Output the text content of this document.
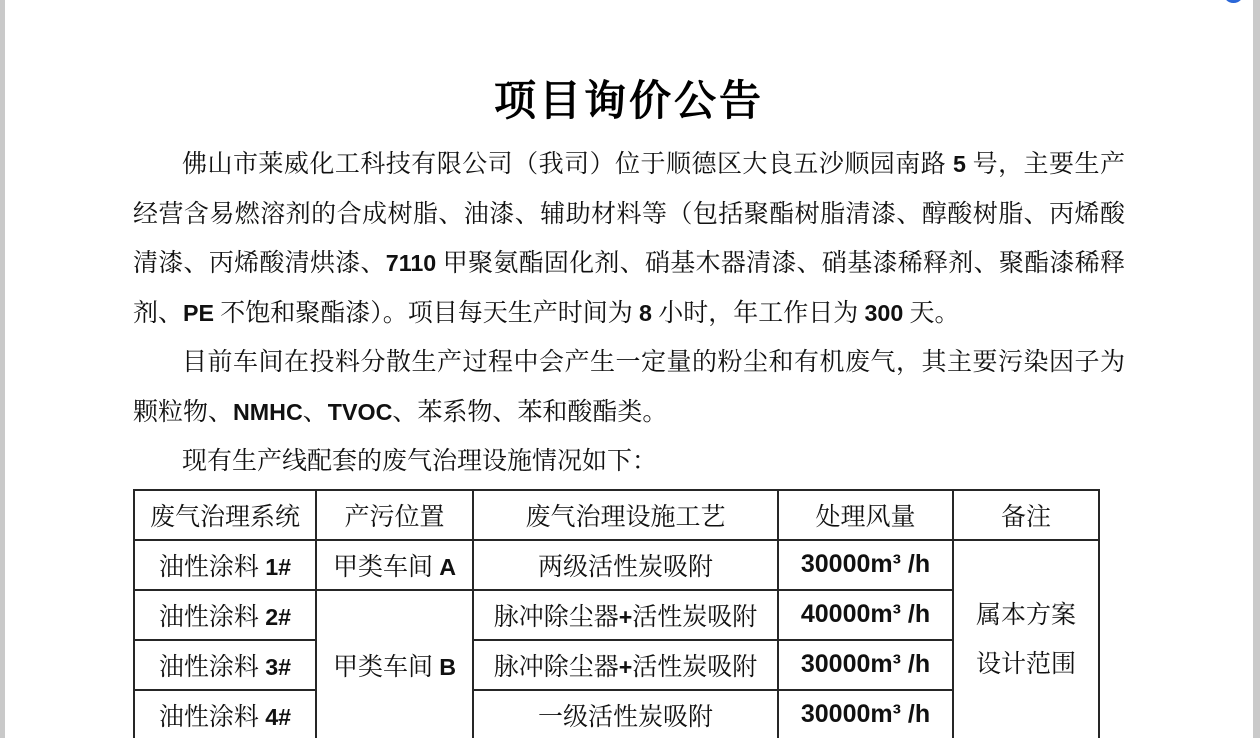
项目询价公告

佛山市莱威化工科技有限公司（我司）位于顺德区大良五沙顺园南路 5 号，主要生产经营含易燃溶剂的合成树脂、油漆、辅助材料等（包括聚酯树脂清漆、醇酸树脂、丙烯酸清漆、丙烯酸清烘漆、7110 甲聚氨酯固化剂、硝基木器清漆、硝基漆稀释剂、聚酯漆稀释剂、PE 不饱和聚酯漆）。项目每天生产时间为 8 小时，年工作日为 300 天。

目前车间在投料分散生产过程中会产生一定量的粉尘和有机废气，其主要污染因子为颗粒物、NMHC、TVOC、苯系物、苯和酸酯类。

现有生产线配套的废气治理设施情况如下：

废气治理系统	产污位置	废气治理设施工艺	处理风量	备注
油性涂料 1#	甲类车间 A	两级活性炭吸附	30000m³ /h	属本方案
设计范围

油性涂料 2#	甲类车间 B	脉冲除尘器+活性炭吸附	40000m³ /h	
油性涂料 3#		脉冲除尘器+活性炭吸附	30000m³ /h	
油性涂料 4#		一级活性炭吸附	30000m³ /h	
